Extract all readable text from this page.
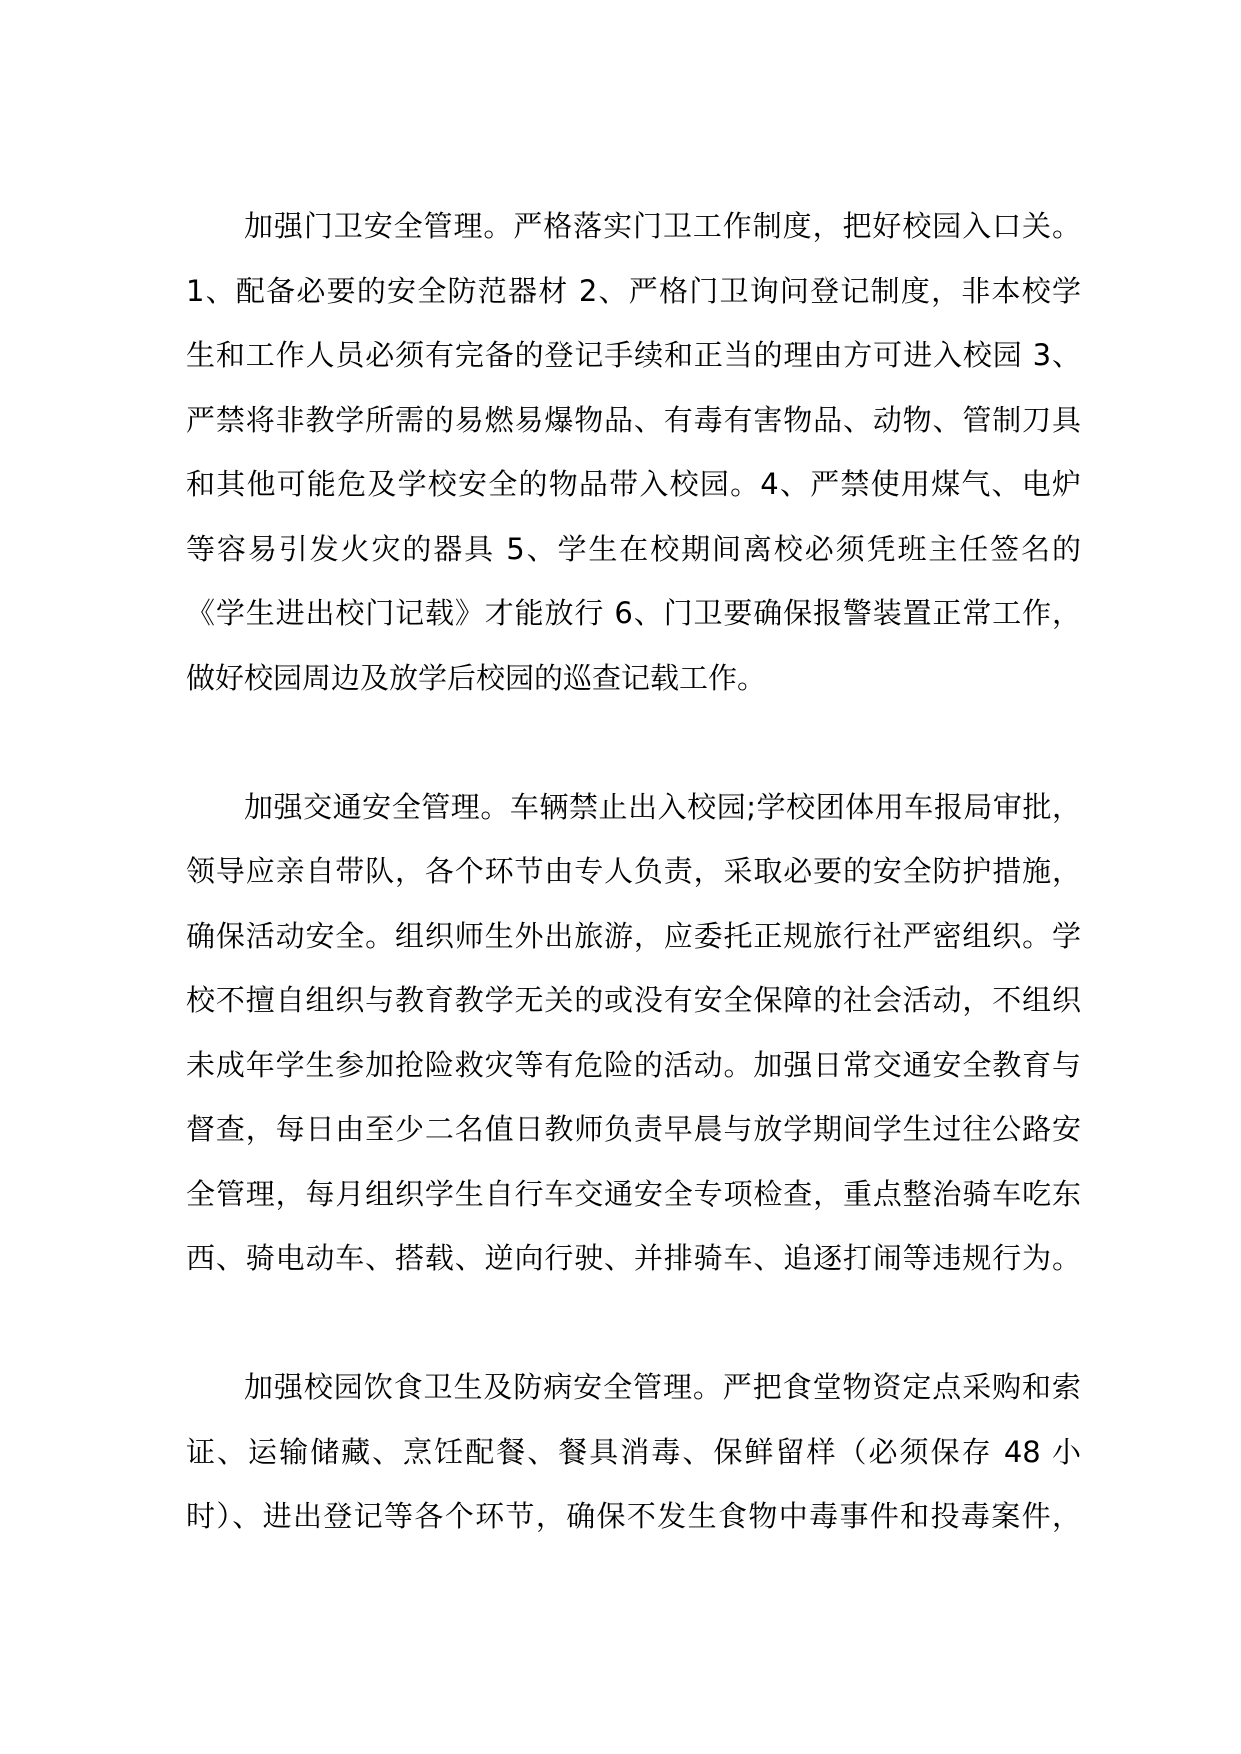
加强门卫安全管理。严格落实门卫工作制度，把好校园入口关。
1、配备必要的安全防范器材 2、严格门卫询问登记制度，非本校学
生和工作人员必须有完备的登记手续和正当的理由方可进入校园 3、
严禁将非教学所需的易燃易爆物品、有毒有害物品、动物、管制刀具
和其他可能危及学校安全的物品带入校园。4、严禁使用煤气、电炉
等容易引发火灾的器具 5、学生在校期间离校必须凭班主任签名的
《学生进出校门记载》才能放行 6、门卫要确保报警装置正常工作，
做好校园周边及放学后校园的巡查记载工作。
加强交通安全管理。车辆禁止出入校园;学校团体用车报局审批，
领导应亲自带队，各个环节由专人负责，采取必要的安全防护措施，
确保活动安全。组织师生外出旅游，应委托正规旅行社严密组织。学
校不擅自组织与教育教学无关的或没有安全保障的社会活动，不组织
未成年学生参加抢险救灾等有危险的活动。加强日常交通安全教育与
督查，每日由至少二名值日教师负责早晨与放学期间学生过往公路安
全管理，每月组织学生自行车交通安全专项检查，重点整治骑车吃东
西、骑电动车、搭载、逆向行驶、并排骑车、追逐打闹等违规行为。
加强校园饮食卫生及防病安全管理。严把食堂物资定点采购和索
证、运输储藏、烹饪配餐、餐具消毒、保鲜留样（必须保存 48 小
时）、进出登记等各个环节，确保不发生食物中毒事件和投毒案件，
